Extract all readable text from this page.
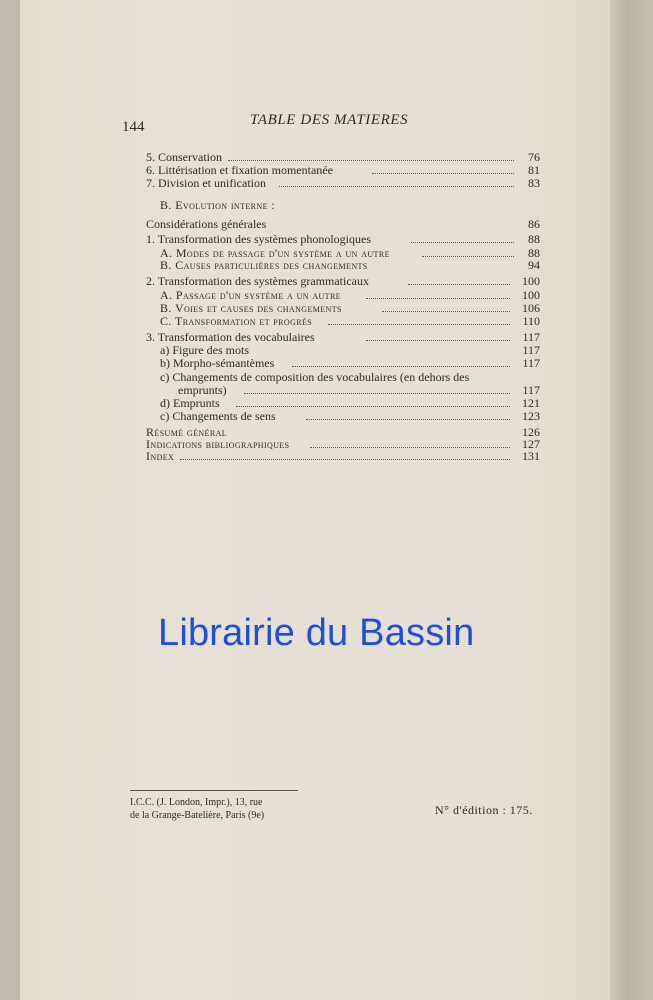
144	TABLE DES MATIERES
5. Conservation	76
6. Littérisation et fixation momentanée	81
7. Division et unification	83
B. Evolution interne :
Considérations générales	86
1. Transformation des systèmes phonologiques	88
A. Modes de passage d'un système a un autre	88
B. Causes particulières des changements	94
2. Transformation des systèmes grammaticaux	100
A. Passage d'un système a un autre	100
B. Voies et causes des changements	106
C. Transformation et progrès	110
3. Transformation des vocabulaires	117
a) Figure des mots	117
b) Morpho-sémantèmes	117
c) Changements de composition des vocabulaires (en dehors des
emprunts)	117
d) Emprunts	121
c) Changements de sens	123
Résumé général	126
Indications bibliographiques	127
Index	131
Librairie du Bassin
I.C.C. (J. London, Impr.), 13, rue
de la Grange-Batelière, Paris (9e)	N° d'édition : 175.
